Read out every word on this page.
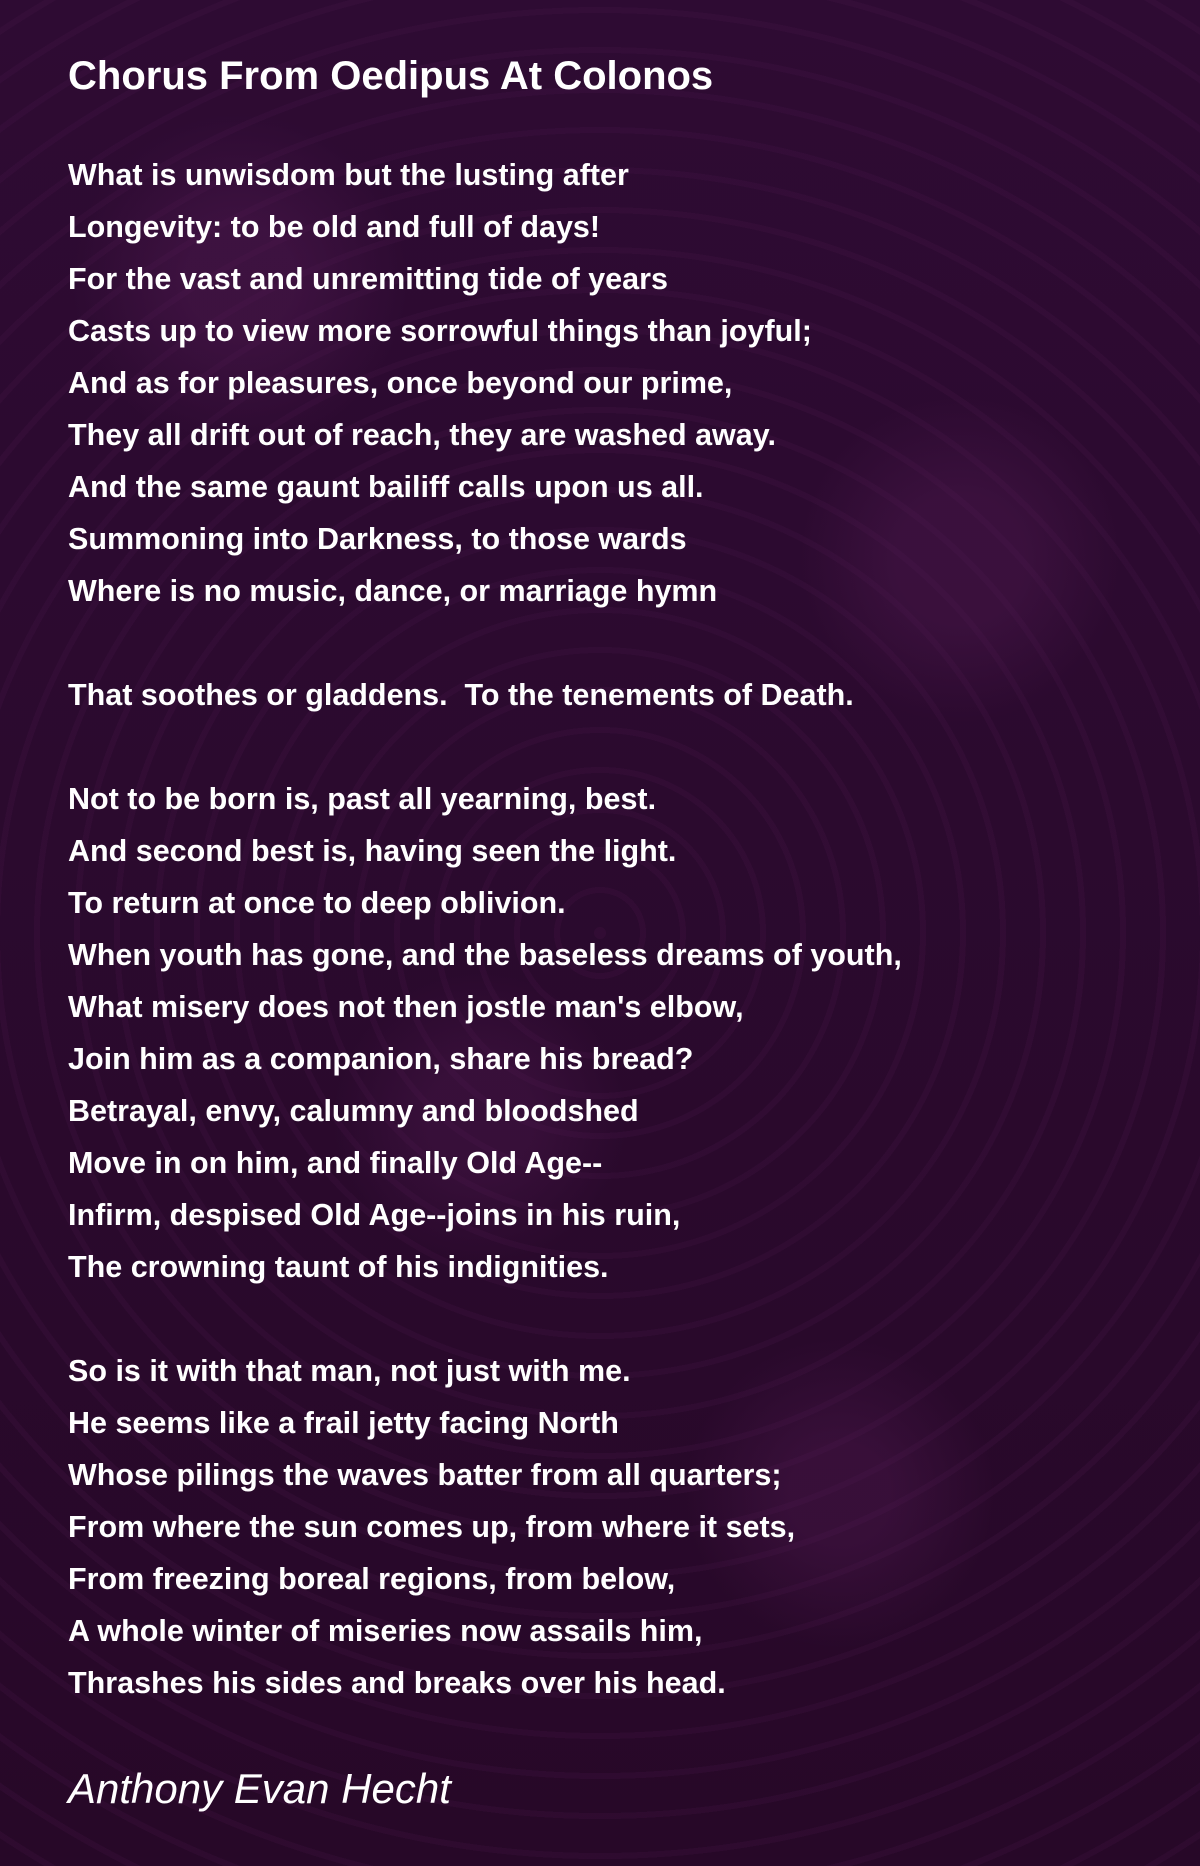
Chorus From Oedipus At Colonos
What is unwisdom but the lusting after
Longevity: to be old and full of days!
For the vast and unremitting tide of years
Casts up to view more sorrowful things than joyful;
And as for pleasures, once beyond our prime,
They all drift out of reach, they are washed away.
And the same gaunt bailiff calls upon us all.
Summoning into Darkness, to those wards
Where is no music, dance, or marriage hymn
That soothes or gladdens.  To the tenements of Death.
Not to be born is, past all yearning, best.
And second best is, having seen the light.
To return at once to deep oblivion.
When youth has gone, and the baseless dreams of youth,
What misery does not then jostle man's elbow,
Join him as a companion, share his bread?
Betrayal, envy, calumny and bloodshed
Move in on him, and finally Old Age--
Infirm, despised Old Age--joins in his ruin,
The crowning taunt of his indignities.
So is it with that man, not just with me.
He seems like a frail jetty facing North
Whose pilings the waves batter from all quarters;
From where the sun comes up, from where it sets,
From freezing boreal regions, from below,
A whole winter of miseries now assails him,
Thrashes his sides and breaks over his head.
Anthony Evan Hecht
